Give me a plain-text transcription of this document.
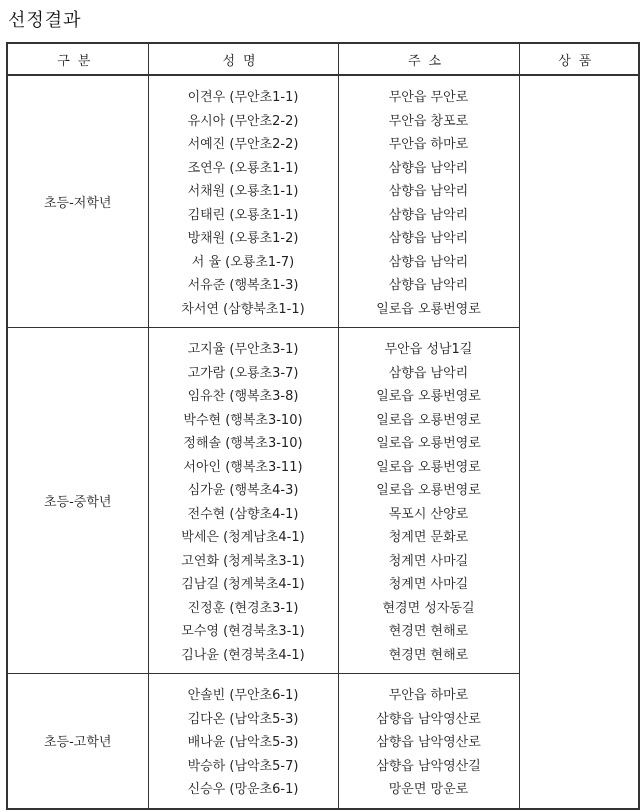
선정결과
구분	성명	주소	상품
초등-저학년	이견우 (무안초1-1)	무안읍 무안로	
	유시아 (무안초2-2)	무안읍 창포로	
	서예진 (무안초2-2)	무안읍 하마로	
	조연우 (오룡초1-1)	삼향읍 남악리	
	서채원 (오룡초1-1)	삼향읍 남악리	
	김태린 (오룡초1-1)	삼향읍 남악리	
	방채원 (오룡초1-2)	삼향읍 남악리	
	서 율 (오룡초1-7)	삼향읍 남악리	
	서유준 (행복초1-3)	삼향읍 남악리	
	차서연 (삼향북초1-1)	일로읍 오룡번영로	
초등-중학년	고지율 (무안초3-1)	무안읍 성남1길	
	고가람 (오룡초3-7)	삼향읍 남악리	
	임유찬 (행복초3-8)	일로읍 오룡번영로	
	박수현 (행복초3-10)	일로읍 오룡번영로	
	정해솔 (행복초3-10)	일로읍 오룡번영로	
	서아인 (행복초3-11)	일로읍 오룡번영로	
	심가윤 (행복초4-3)	일로읍 오룡번영로	
	전수현 (삼향초4-1)	목포시 산양로	
	박세은 (청계남초4-1)	청계면 문화로	
	고연화 (청계북초3-1)	청계면 사마길	
	김남길 (청계북초4-1)	청계면 사마길	
	진정훈 (현경초3-1)	현경면 성자동길	
	모수영 (현경북초3-1)	현경면 현해로	
	김나윤 (현경북초4-1)	현경면 현해로	
초등-고학년	안솔빈 (무안초6-1)	무안읍 하마로	
	김다온 (남악초5-3)	삼향읍 남악영산로	
	배나윤 (남악초5-3)	삼향읍 남악영산로	
	박승하 (남악초5-7)	삼향읍 남악영산길	
	신승우 (망운초6-1)	망운면 망운로	
